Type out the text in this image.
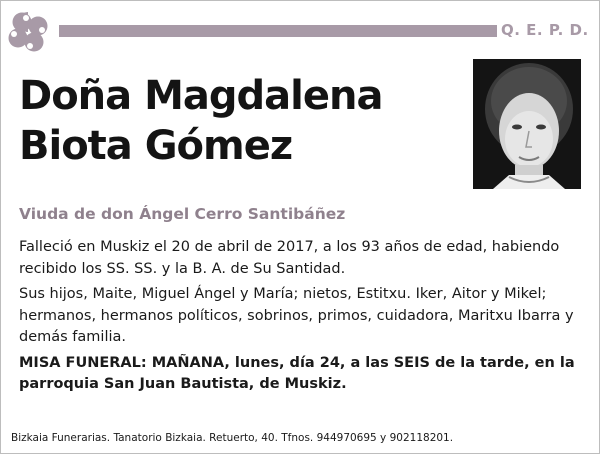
Q. E. P. D.
Doña Magdalena
Biota Gómez
Viuda de don Ángel Cerro Santibáñez

Falleció en Muskiz el 20 de abril de 2017, a los 93 años de edad, habiendo recibido los SS. SS. y la B. A. de Su Santidad.

Sus hijos, Maite, Miguel Ángel y María; nietos, Estitxu. Iker, Aitor y Mikel; hermanos, hermanos políticos, sobrinos, primos, cuidadora, Maritxu Ibarra y demás familia.

MISA FUNERAL: MAÑANA, lunes, día 24, a las SEIS de la tarde, en la parroquia San Juan Bautista, de Muskiz.

Bizkaia Funerarias. Tanatorio Bizkaia. Retuerto, 40. Tfnos. 944970695 y 902118201.
